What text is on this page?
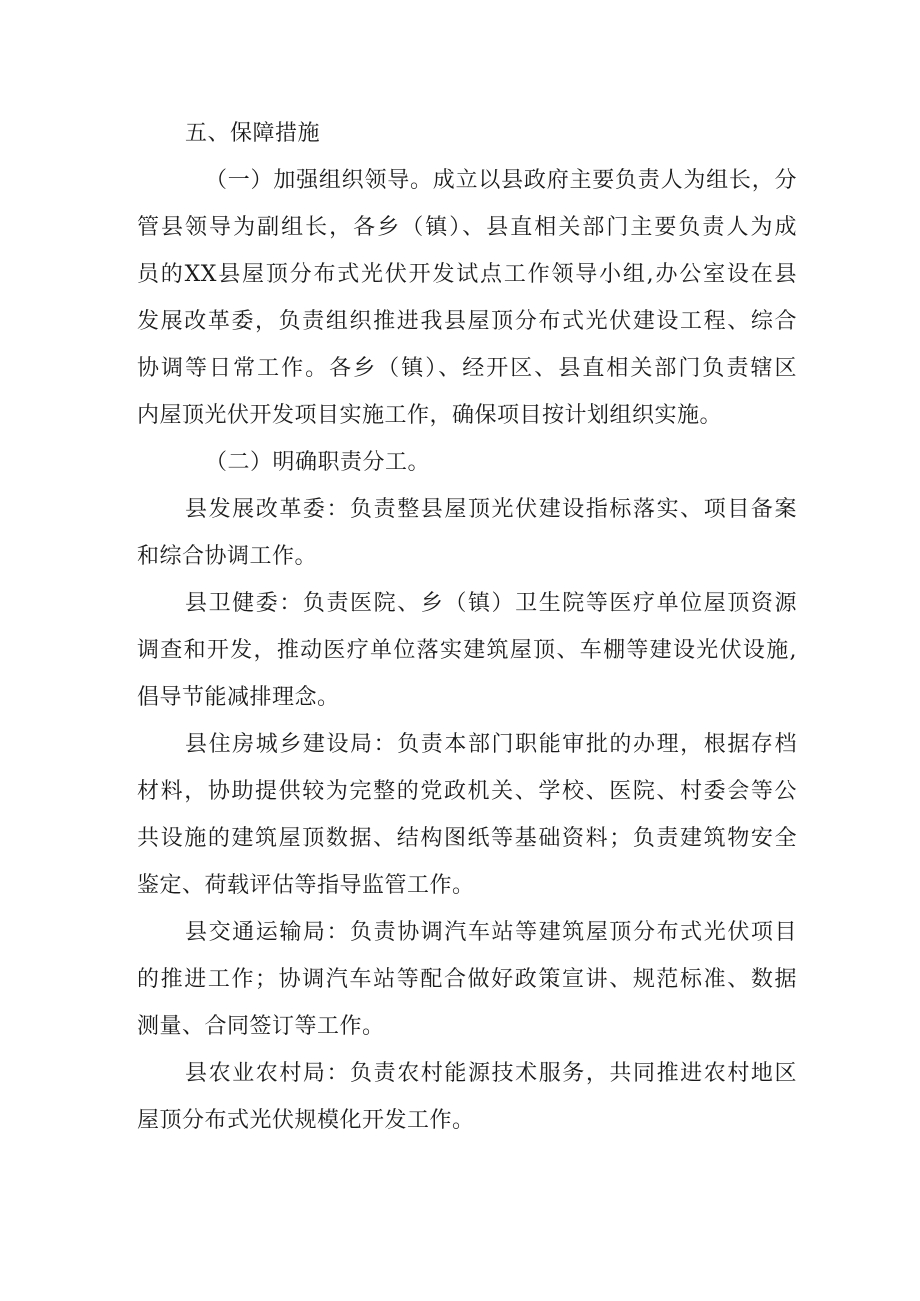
五、保障措施
（一）加强组织领导。成立以县政府主要负责人为组长，分
管县领导为副组长，各乡（镇）、县直相关部门主要负责人为成
员的XX县屋顶分布式光伏开发试点工作领导小组,办公室设在县
发展改革委，负责组织推进我县屋顶分布式光伏建设工程、综合
协调等日常工作。各乡（镇）、经开区、县直相关部门负责辖区
内屋顶光伏开发项目实施工作，确保项目按计划组织实施。
（二）明确职责分工。
县发展改革委：负责整县屋顶光伏建设指标落实、项目备案
和综合协调工作。
县卫健委：负责医院、乡（镇）卫生院等医疗单位屋顶资源
调查和开发，推动医疗单位落实建筑屋顶、车棚等建设光伏设施,
倡导节能减排理念。
县住房城乡建设局：负责本部门职能审批的办理，根据存档
材料，协助提供较为完整的党政机关、学校、医院、村委会等公
共设施的建筑屋顶数据、结构图纸等基础资料；负责建筑物安全
鉴定、荷载评估等指导监管工作。
县交通运输局：负责协调汽车站等建筑屋顶分布式光伏项目
的推进工作；协调汽车站等配合做好政策宣讲、规范标准、数据
测量、合同签订等工作。
县农业农村局：负责农村能源技术服务，共同推进农村地区
屋顶分布式光伏规模化开发工作。
